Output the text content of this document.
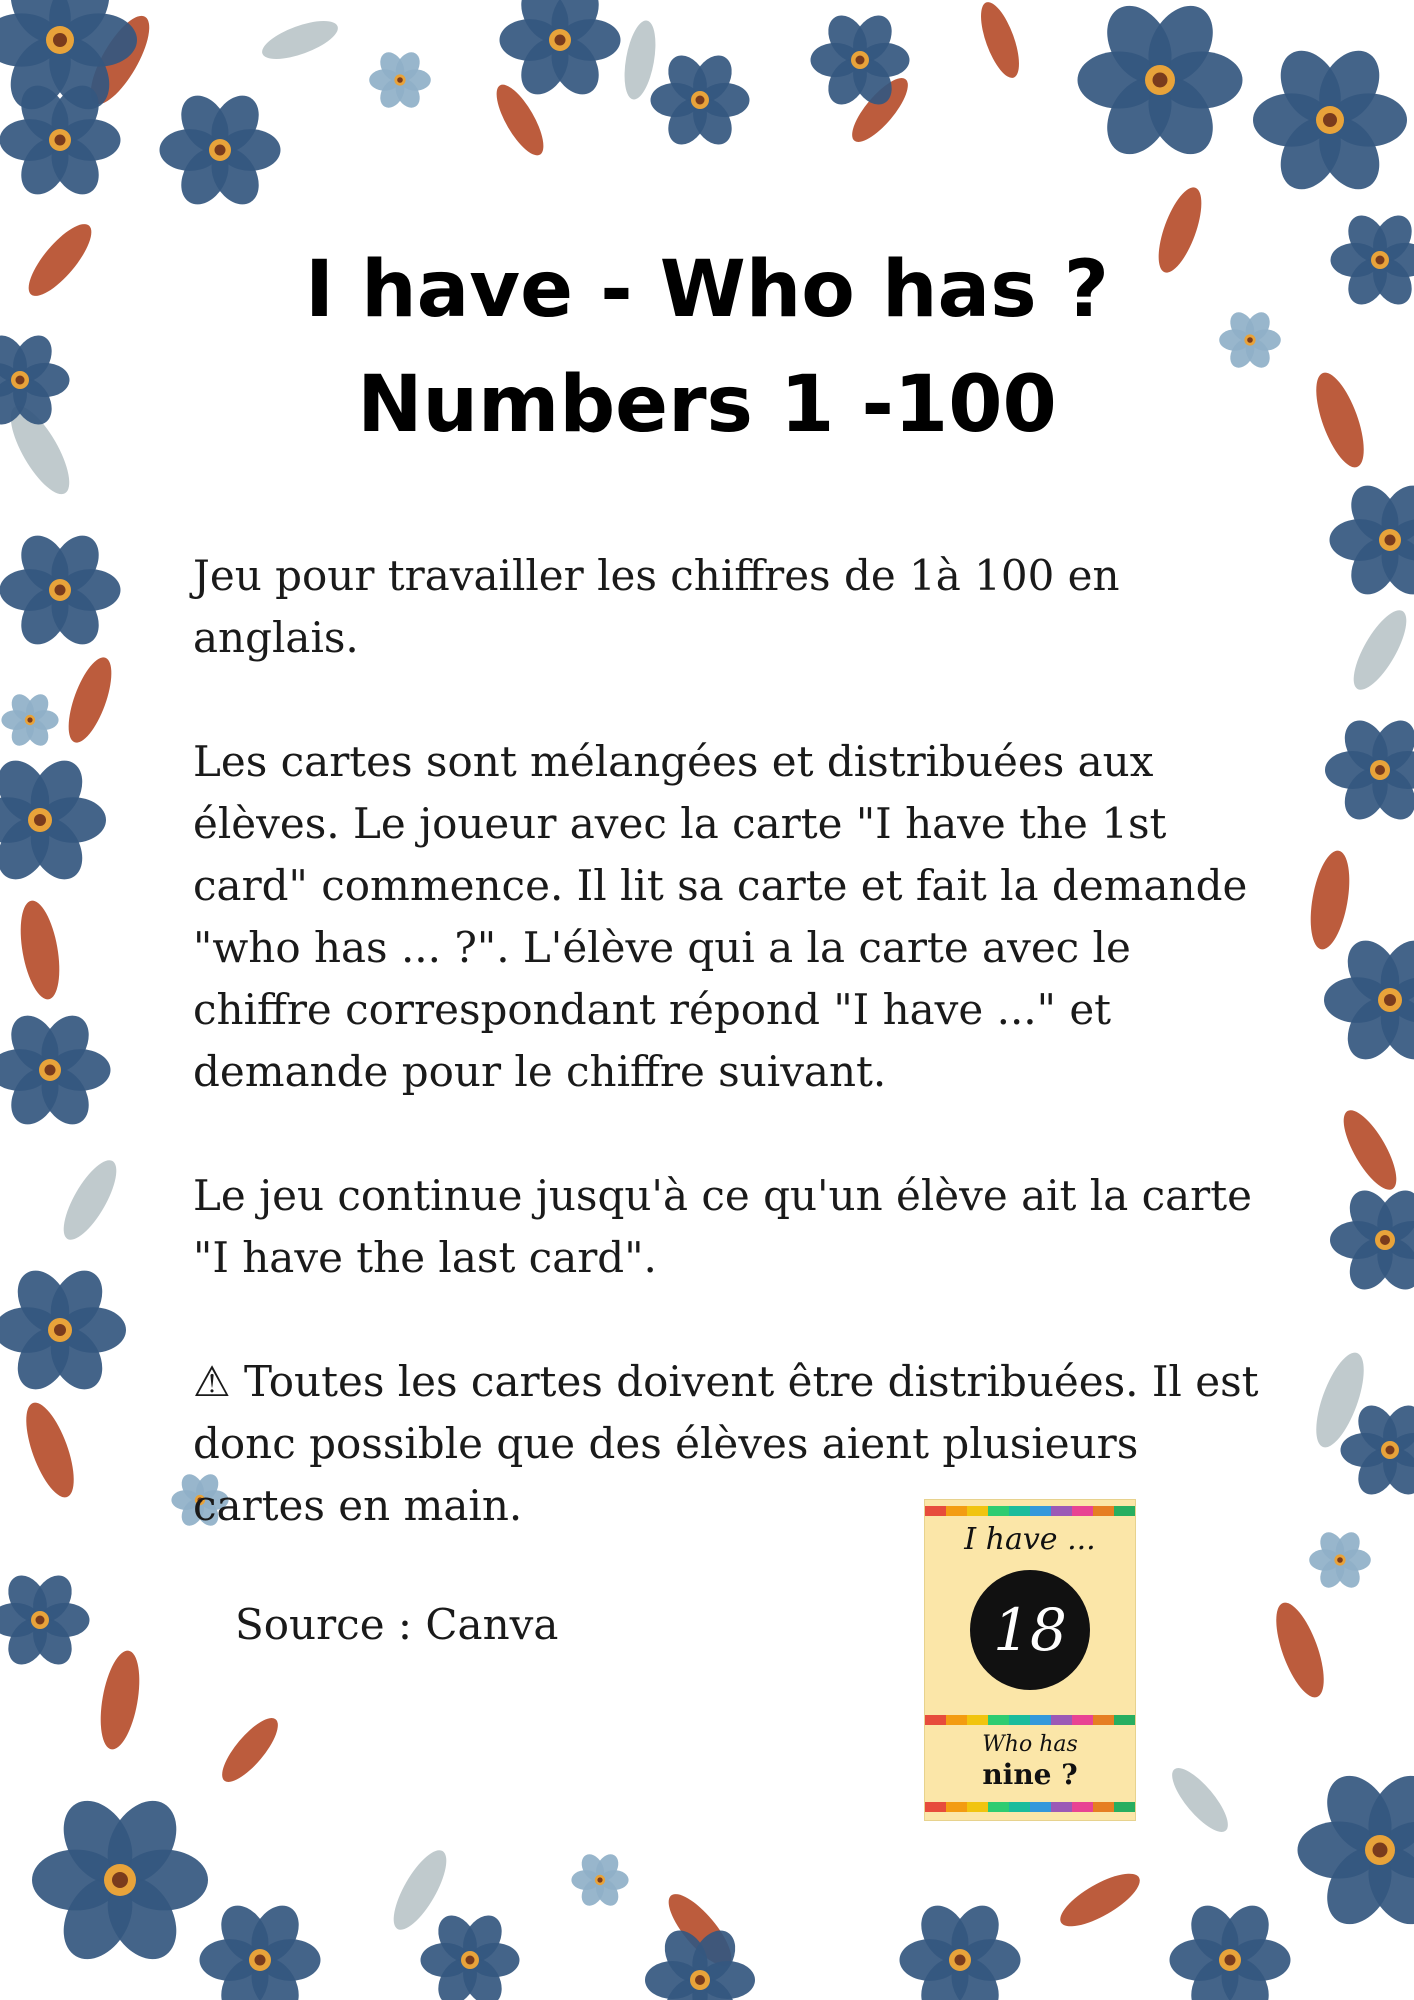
I have - Who has ?
Numbers 1 -100

Jeu pour travailler les chiffres de 1à 100 en anglais.

Les cartes sont mélangées et distribuées aux élèves. Le joueur avec la carte "I have the 1st card" commence. Il lit sa carte et fait la demande "who has ... ?". L'élève qui a la carte avec le chiffre correspondant répond "I have ..." et demande pour le chiffre suivant.

Le jeu continue jusqu'à ce qu'un élève ait la carte "I have the last card".

⚠ Toutes les cartes doivent être distribuées. Il est donc possible que des élèves aient plusieurs cartes en main.

Source : Canva
I have ...
18
Who has
nine ?
